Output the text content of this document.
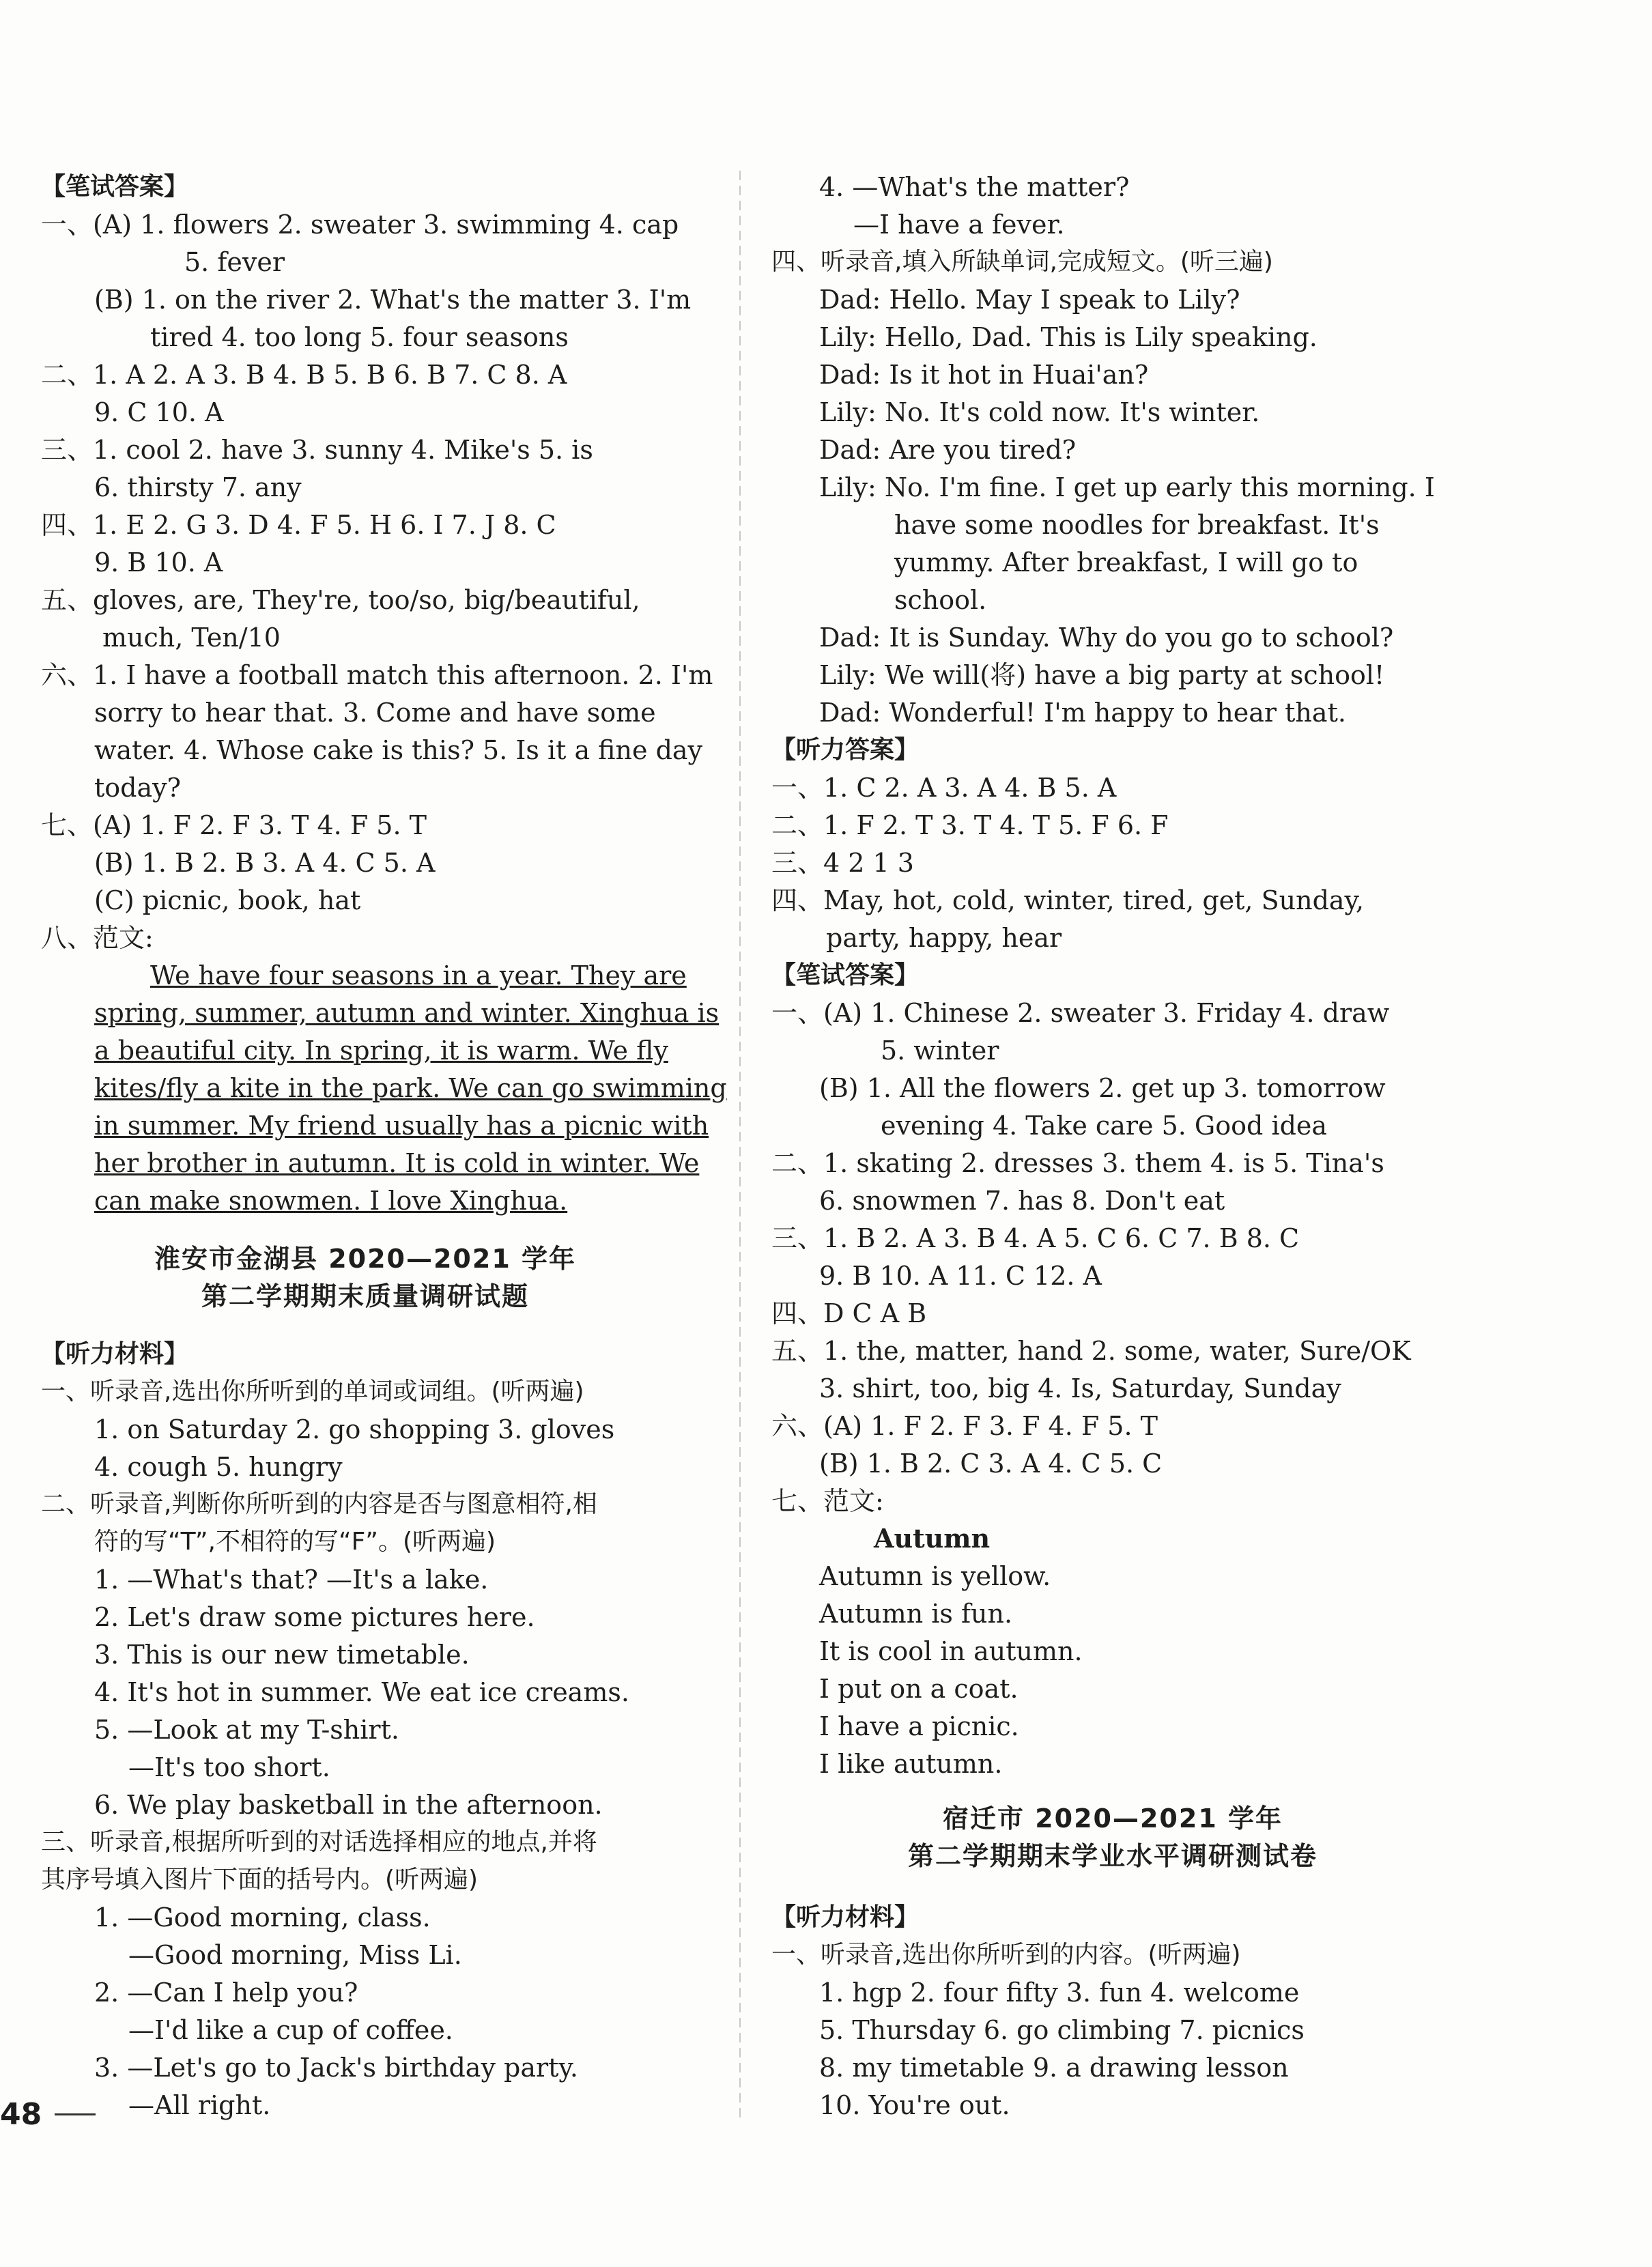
【笔试答案】
一、(A) 1. flowers 2. sweater 3. swimming 4. cap
5. fever
(B) 1. on the river 2. What's the matter 3. I'm
tired 4. too long 5. four seasons
二、1. A 2. A 3. B 4. B 5. B 6. B 7. C 8. A
9. C 10. A
三、1. cool 2. have 3. sunny 4. Mike's 5. is
6. thirsty 7. any
四、1. E 2. G 3. D 4. F 5. H 6. I 7. J 8. C
9. B 10. A
五、gloves, are, They're, too/so, big/beautiful,
much, Ten/10
六、1. I have a football match this afternoon. 2. I'm
sorry to hear that. 3. Come and have some
water. 4. Whose cake is this? 5. Is it a fine day
today?
七、(A) 1. F 2. F 3. T 4. F 5. T
(B) 1. B 2. B 3. A 4. C 5. A
(C) picnic, book, hat
八、范文:
We have four seasons in a year. They are
spring, summer, autumn and winter. Xinghua is
a beautiful city. In spring, it is warm. We fly
kites/fly a kite in the park. We can go swimming
in summer. My friend usually has a picnic with
her brother in autumn. It is cold in winter. We
can make snowmen. I love Xinghua.
淮安市金湖县 2020—2021 学年
第二学期期末质量调研试题
【听力材料】
一、听录音,选出你所听到的单词或词组。(听两遍)
1. on Saturday 2. go shopping 3. gloves
4. cough 5. hungry
二、听录音,判断你所听到的内容是否与图意相符,相
符的写“T”,不相符的写“F”。(听两遍)
1. —What's that? —It's a lake.
2. Let's draw some pictures here.
3. This is our new timetable.
4. It's hot in summer. We eat ice creams.
5. —Look at my T-shirt.
—It's too short.
6. We play basketball in the afternoon.
三、听录音,根据所听到的对话选择相应的地点,并将
其序号填入图片下面的括号内。(听两遍)
1. —Good morning, class.
—Good morning, Miss Li.
2. —Can I help you?
—I'd like a cup of coffee.
3. —Let's go to Jack's birthday party.
—All right.
4. —What's the matter?
—I have a fever.
四、听录音,填入所缺单词,完成短文。(听三遍)
Dad: Hello. May I speak to Lily?
Lily: Hello, Dad. This is Lily speaking.
Dad: Is it hot in Huai'an?
Lily: No. It's cold now. It's winter.
Dad: Are you tired?
Lily: No. I'm fine. I get up early this morning. I
have some noodles for breakfast. It's
yummy. After breakfast, I will go to
school.
Dad: It is Sunday. Why do you go to school?
Lily: We will(将) have a big party at school!
Dad: Wonderful! I'm happy to hear that.
【听力答案】
一、1. C 2. A 3. A 4. B 5. A
二、1. F 2. T 3. T 4. T 5. F 6. F
三、4 2 1 3
四、May, hot, cold, winter, tired, get, Sunday,
party, happy, hear
【笔试答案】
一、(A) 1. Chinese 2. sweater 3. Friday 4. draw
5. winter
(B) 1. All the flowers 2. get up 3. tomorrow
evening 4. Take care 5. Good idea
二、1. skating 2. dresses 3. them 4. is 5. Tina's
6. snowmen 7. has 8. Don't eat
三、1. B 2. A 3. B 4. A 5. C 6. C 7. B 8. C
9. B 10. A 11. C 12. A
四、D C A B
五、1. the, matter, hand 2. some, water, Sure/OK
3. shirt, too, big 4. Is, Saturday, Sunday
六、(A) 1. F 2. F 3. F 4. F 5. T
(B) 1. B 2. C 3. A 4. C 5. C
七、范文:
Autumn
Autumn is yellow.
Autumn is fun.
It is cool in autumn.
I put on a coat.
I have a picnic.
I like autumn.
宿迁市 2020—2021 学年
第二学期期末学业水平调研测试卷
【听力材料】
一、听录音,选出你所听到的内容。(听两遍)
1. hgp 2. four fifty 3. fun 4. welcome
5. Thursday 6. go climbing 7. picnics
8. my timetable 9. a drawing lesson
10. You're out.
48
